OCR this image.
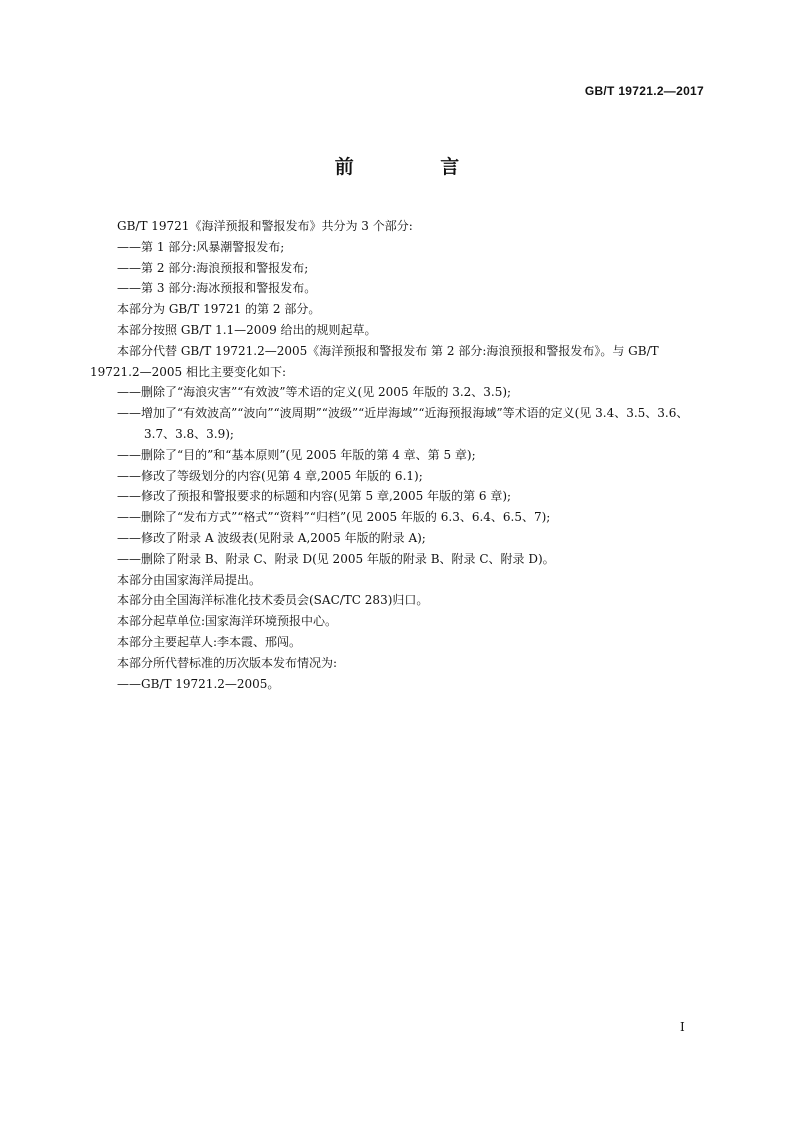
GB/T 19721.2—2017
前 言

GB/T 19721《海洋预报和警报发布》共分为 3 个部分:

——第 1 部分:风暴潮警报发布;

——第 2 部分:海浪预报和警报发布;

——第 3 部分:海冰预报和警报发布。

本部分为 GB/T 19721 的第 2 部分。

本部分按照 GB/T 1.1—2009 给出的规则起草。

本部分代替 GB/T 19721.2—2005《海洋预报和警报发布 第 2 部分:海浪预报和警报发布》。与 GB/T 19721.2—2005 相比主要变化如下:

——删除了“海浪灾害”“有效波”等术语的定义(见 2005 年版的 3.2、3.5);

——增加了“有效波高”“波向”“波周期”“波级”“近岸海域”“近海预报海域”等术语的定义(见 3.4、3.5、3.6、3.7、3.8、3.9);

——删除了“目的”和“基本原则”(见 2005 年版的第 4 章、第 5 章);

——修改了等级划分的内容(见第 4 章,2005 年版的 6.1);

——修改了预报和警报要求的标题和内容(见第 5 章,2005 年版的第 6 章);

——删除了“发布方式”“格式”“资料”“归档”(见 2005 年版的 6.3、6.4、6.5、7);

——修改了附录 A 波级表(见附录 A,2005 年版的附录 A);

——删除了附录 B、附录 C、附录 D(见 2005 年版的附录 B、附录 C、附录 D)。

本部分由国家海洋局提出。

本部分由全国海洋标准化技术委员会(SAC/TC 283)归口。

本部分起草单位:国家海洋环境预报中心。

本部分主要起草人:李本霞、邢闯。

本部分所代替标准的历次版本发布情况为:

——GB/T 19721.2—2005。

I
